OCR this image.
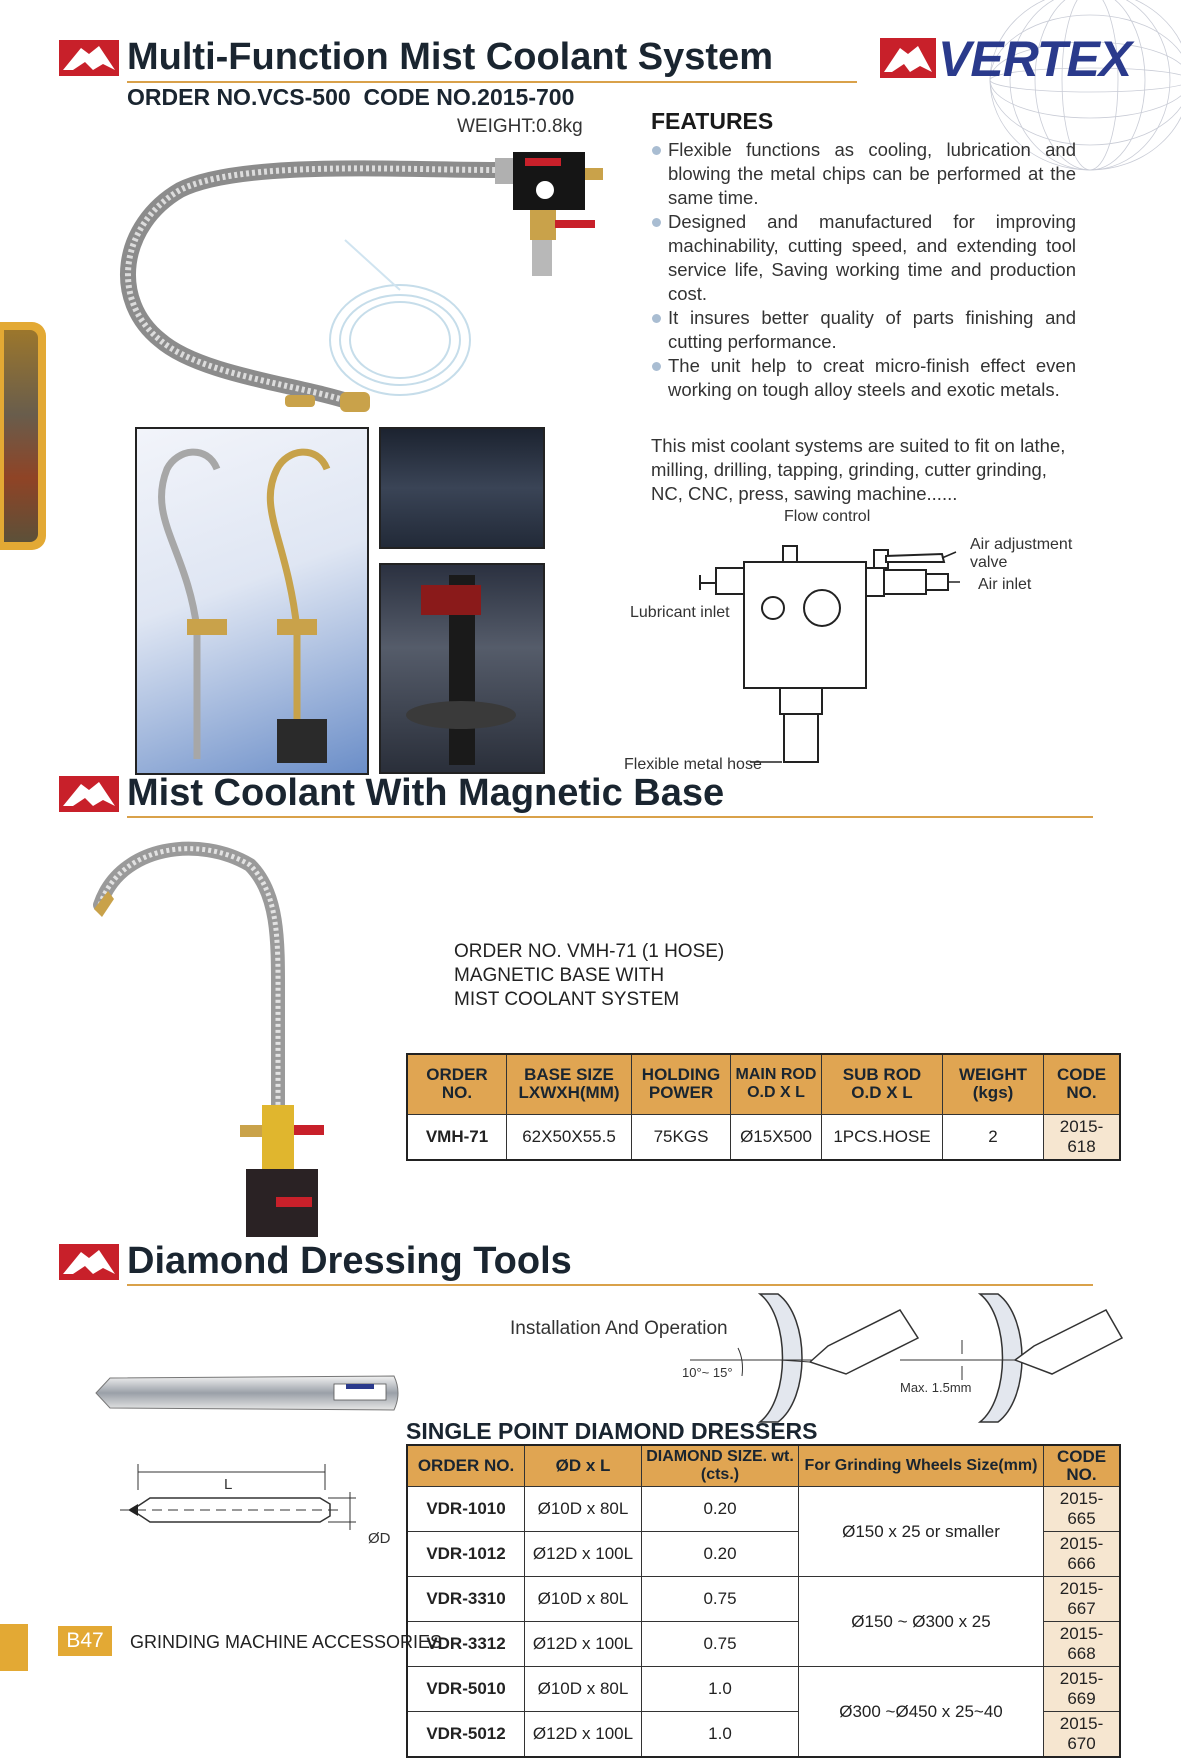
Multi-Function Mist Coolant System	VERTEX
ORDER NO.VCS-500  CODE NO.2015-700
WEIGHT:0.8kg	FEATURES
Flexible functions as cooling, lubrication and blowing the metal chips can be performed at the same time.
Designed and manufactured for improving machinability, cutting speed, and extending tool service life, Saving working time and production cost.
It insures better quality of parts finishing and cutting performance.
The unit help to creat micro-finish effect even working on tough alloy steels and exotic metals.
This mist coolant systems are suited to fit on lathe, milling, drilling, tapping, grinding, cutter grinding, NC, CNC, press, sawing machine......
Flow control
Air adjustment
valve
Air inlet
Lubricant inlet
Flexible metal hose
Mist Coolant With Magnetic Base
ORDER NO. VMH-71 (1 HOSE)
MAGNETIC BASE WITH
MIST COOLANT SYSTEM
ORDER NO.	BASE SIZE LXWXH(MM)	HOLDING POWER	MAIN ROD O.D X L	SUB ROD O.D X L	WEIGHT (kgs)	CODE NO.
VMH-71	62X50X55.5	75KGS	Ø15X500	1PCS.HOSE	2	2015-618
Diamond Dressing Tools
Installation And Operation
10°~ 15°
Max. 1.5mm
L
ØD
SINGLE POINT DIAMOND DRESSERS
ORDER NO.	ØD x L	DIAMOND SIZE. wt.(cts.)	For Grinding Wheels Size(mm)	CODE NO.
VDR-1010	Ø10D x 80L	0.20	Ø150 x 25 or smaller	2015-665
VDR-1012	Ø12D x 100L	0.20		2015-666
VDR-3310	Ø10D x 80L	0.75	Ø150 ~ Ø300 x 25	2015-667
VDR-3312	Ø12D x 100L	0.75		2015-668
VDR-5010	Ø10D x 80L	1.0	Ø300 ~Ø450 x 25~40	2015-669
VDR-5012	Ø12D x 100L	1.0		2015-670
B47	GRINDING MACHINE ACCESSORIES
